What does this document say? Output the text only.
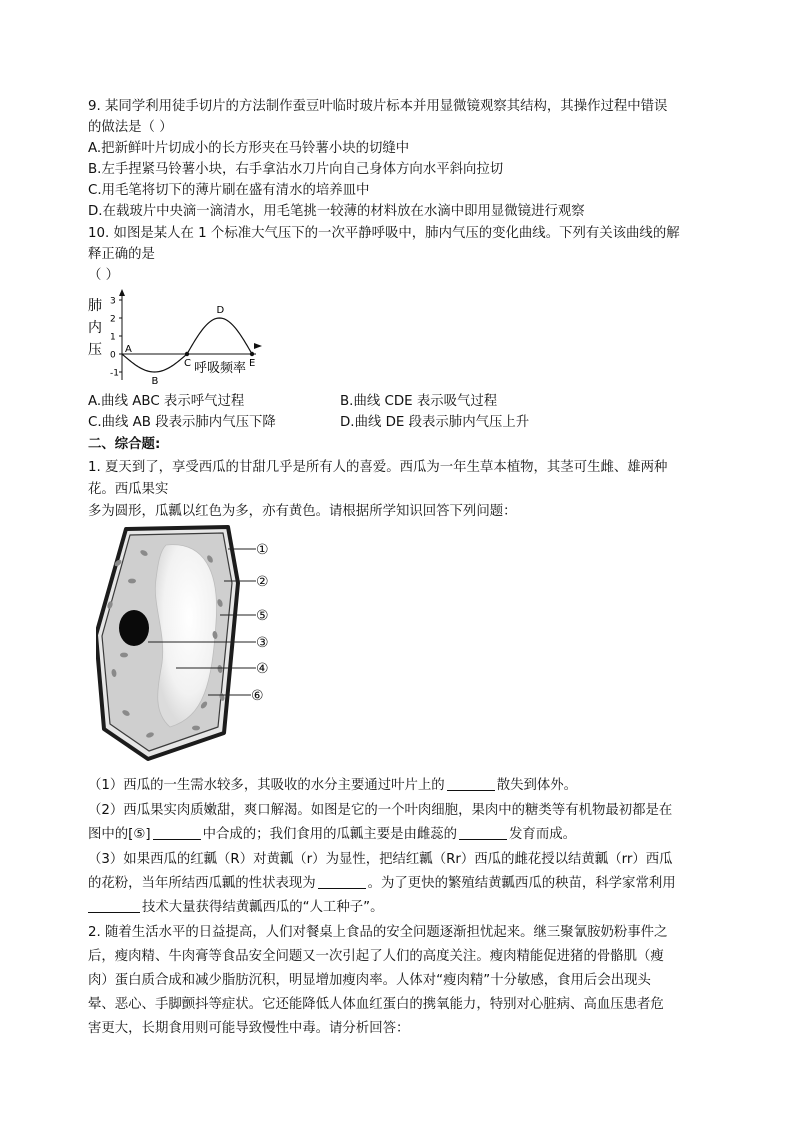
9. 某同学利用徒手切片的方法制作蚕豆叶临时玻片标本并用显微镜观察其结构，其操作过程中错误
的做法是（ ）
A.把新鲜叶片切成小的长方形夹在马铃薯小块的切缝中
B.左手捏紧马铃薯小块，右手拿沾水刀片向自己身体方向水平斜向拉切
C.用毛笔将切下的薄片刷在盛有清水的培养皿中
D.在载玻片中央滴一滴清水，用毛笔挑一较薄的材料放在水滴中即用显微镜进行观察
10. 如图是某人在 1 个标准大气压下的一次平静呼吸中，肺内气压的变化曲线。下列有关该曲线的解
释正确的是
（ ）
肺
内
压
3
2
1
0
-1
A
B
C
D
E
呼吸频率
A.曲线 ABC 表示呼气过程	B.曲线 CDE 表示吸气过程
C.曲线 AB 段表示肺内气压下降	D.曲线 DE 段表示肺内气压上升
二、综合题:
1. 夏天到了，享受西瓜的甘甜几乎是所有人的喜爱。西瓜为一年生草本植物，其茎可生雌、雄两种
花。西瓜果实
多为圆形，瓜瓤以红色为多，亦有黄色。请根据所学知识回答下列问题：
①
②
⑤
③
④
⑥
（1）西瓜的一生需水较多，其吸收的水分主要通过叶片上的	散失到体外。
（2）西瓜果实肉质嫩甜，爽口解渴。如图是它的一个叶肉细胞，果肉中的糖类等有机物最初都是在
图中的[⑤]	中合成的；我们食用的瓜瓤主要是由雌蕊的	发育而成。
（3）如果西瓜的红瓤（R）对黄瓤（r）为显性，把结红瓤（Rr）西瓜的雌花授以结黄瓤（rr）西瓜
的花粉，当年所结西瓜瓤的性状表现为	。为了更快的繁殖结黄瓤西瓜的秧苗，科学家常利用
技术大量获得结黄瓤西瓜的“人工种子”。
2. 随着生活水平的日益提高，人们对餐桌上食品的安全问题逐渐担忧起来。继三聚氰胺奶粉事件之
后，瘦肉精、牛肉膏等食品安全问题又一次引起了人们的高度关注。瘦肉精能促进猪的骨骼肌（瘦
肉）蛋白质合成和减少脂肪沉积，明显增加瘦肉率。人体对“瘦肉精”十分敏感，食用后会出现头
晕、恶心、手脚颤抖等症状。它还能降低人体血红蛋白的携氧能力，特别对心脏病、高血压患者危
害更大，长期食用则可能导致慢性中毒。请分析回答：
